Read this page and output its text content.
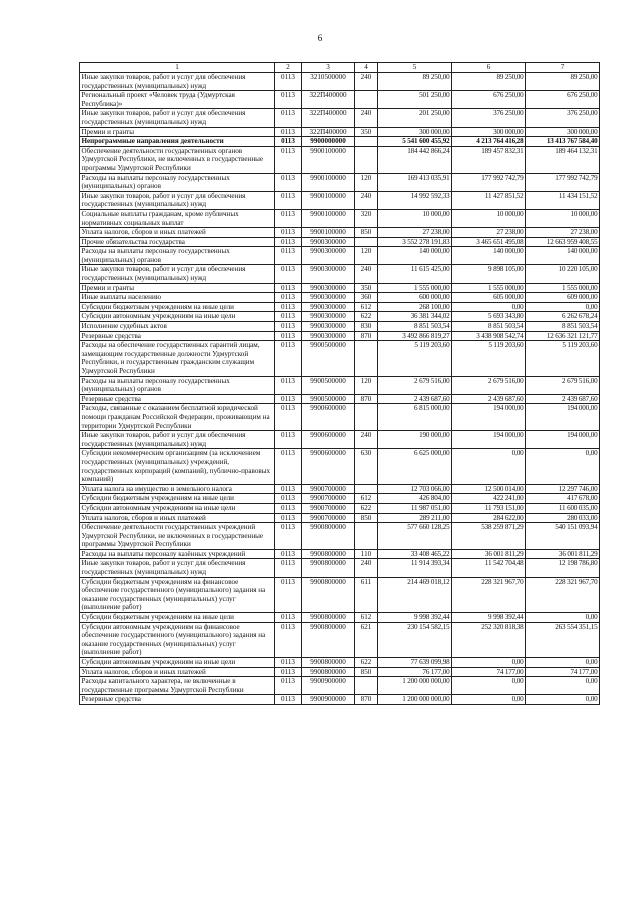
6
1	2	3	4	5	6	7
Иные закупки товаров, работ и услуг для обеспечения государственных (муниципальных) нужд	0113	3210500000	240	89 250,00	89 250,00	89 250,00
Региональный проект «Человек труда (Удмуртская Республика)»	0113	322П400000		501 250,00	676 250,00	676 250,00
Иные закупки товаров, работ и услуг для обеспечения государственных (муниципальных) нужд	0113	322П400000	240	201 250,00	376 250,00	376 250,00
Премии и гранты	0113	322П400000	350	300 000,00	300 000,00	300 000,00
Непрограммные направления деятельности	0113	9900000000		5 541 600 455,92	4 213 764 416,28	13 413 767 584,40
Обеспечение деятельности государственных органов Удмуртской Республики, не включенных в государственные программы Удмуртской Республики	0113	9900100000		184 442 866,24	189 457 832,31	189 464 132,31
Расходы на выплаты персоналу государственных (муниципальных) органов	0113	9900100000	120	169 413 035,91	177 992 742,79	177 992 742,79
Иные закупки товаров, работ и услуг для обеспечения государственных (муниципальных) нужд	0113	9900100000	240	14 992 592,33	11 427 851,52	11 434 151,52
Социальные выплаты гражданам, кроме публичных нормативных социальных выплат	0113	9900100000	320	10 000,00	10 000,00	10 000,00
Уплата налогов, сборов и иных платежей	0113	9900100000	850	27 238,00	27 238,00	27 238,00
Прочие обязательства государства	0113	9900300000		3 552 278 191,83	3 465 651 495,08	12 663 959 408,55
Расходы на выплаты персоналу государственных (муниципальных) органов	0113	9900300000	120	140 000,00	140 000,00	140 000,00
Иные закупки товаров, работ и услуг для обеспечения государственных (муниципальных) нужд	0113	9900300000	240	11 615 425,00	9 898 105,00	10 220 105,00
Премии и гранты	0113	9900300000	350	1 555 000,00	1 555 000,00	1 555 000,00
Иные выплаты населению	0113	9900300000	360	600 000,00	605 000,00	609 000,00
Субсидии бюджетным учреждениям на иные цели	0113	9900300000	612	268 100,00	0,00	0,00
Субсидии автономным учреждениям на иные цели	0113	9900300000	622	36 381 344,02	5 693 343,80	6 262 678,24
Исполнение судебных актов	0113	9900300000	830	8 851 503,54	8 851 503,54	8 851 503,54
Резервные средства	0113	9900300000	870	3 492 866 819,27	3 438 908 542,74	12 636 321 121,77
Расходы на обеспечение государственных гарантий лицам, замещающим государственные должности Удмуртской Республики, и государственным гражданским служащим Удмуртской Республики	0113	9900500000		5 119 203,60	5 119 203,60	5 119 203,60
Расходы на выплаты персоналу государственных (муниципальных) органов	0113	9900500000	120	2 679 516,00	2 679 516,00	2 679 516,00
Резервные средства	0113	9900500000	870	2 439 687,60	2 439 687,60	2 439 687,60
Расходы, связанные с оказанием бесплатной юридической помощи гражданам Российской Федерации, проживающим на территории Удмуртской Республики	0113	9900600000		6 815 000,00	194 000,00	194 000,00
Иные закупки товаров, работ и услуг для обеспечения государственных (муниципальных) нужд	0113	9900600000	240	190 000,00	194 000,00	194 000,00
Субсидии некоммерческим организациям (за исключением государственных (муниципальных) учреждений, государственных корпораций (компаний), публично-правовых компаний)	0113	9900600000	630	6 625 000,00	0,00	0,00
Уплата налога на имущество и земельного налога	0113	9900700000		12 703 066,00	12 500 014,00	12 297 746,00
Субсидии бюджетным учреждениям на иные цели	0113	9900700000	612	426 804,00	422 241,00	417 678,00
Субсидии автономным учреждениям на иные цели	0113	9900700000	622	11 987 051,00	11 793 151,00	11 600 035,00
Уплата налогов, сборов и иных платежей	0113	9900700000	850	289 211,00	284 622,00	280 033,00
Обеспечение деятельности государственных учреждений Удмуртской Республики, не включенных в государственные программы Удмуртской Республики	0113	9900800000		577 660 128,25	538 259 871,29	540 151 093,94
Расходы на выплаты персоналу казённых учреждений	0113	9900800000	110	33 408 465,22	36 001 811,29	36 001 811,29
Иные закупки товаров, работ и услуг для обеспечения государственных (муниципальных) нужд	0113	9900800000	240	11 914 393,34	11 542 704,48	12 198 786,80
Субсидии бюджетным учреждениям на финансовое обеспечение государственного (муниципального) задания на оказание государственных (муниципальных) услуг (выполнение работ)	0113	9900800000	611	214 469 018,12	228 321 967,70	228 321 967,70
Субсидии бюджетным учреждениям на иные цели	0113	9900800000	612	9 998 392,44	9 998 392,44	0,00
Субсидии автономным учреждениям на финансовое обеспечение государственного (муниципального) задания на оказание государственных (муниципальных) услуг (выполнение работ)	0113	9900800000	621	230 154 582,15	252 320 818,38	263 554 351,15
Субсидии автономным учреждениям на иные цели	0113	9900800000	622	77 639 099,98	0,00	0,00
Уплата налогов, сборов и иных платежей	0113	9900800000	850	76 177,00	74 177,00	74 177,00
Расходы капитального характера, не включенные в государственные программы Удмуртской Республики	0113	9900900000		1 200 000 000,00	0,00	0,00
Резервные средства	0113	9900900000	870	1 200 000 000,00	0,00	0,00
